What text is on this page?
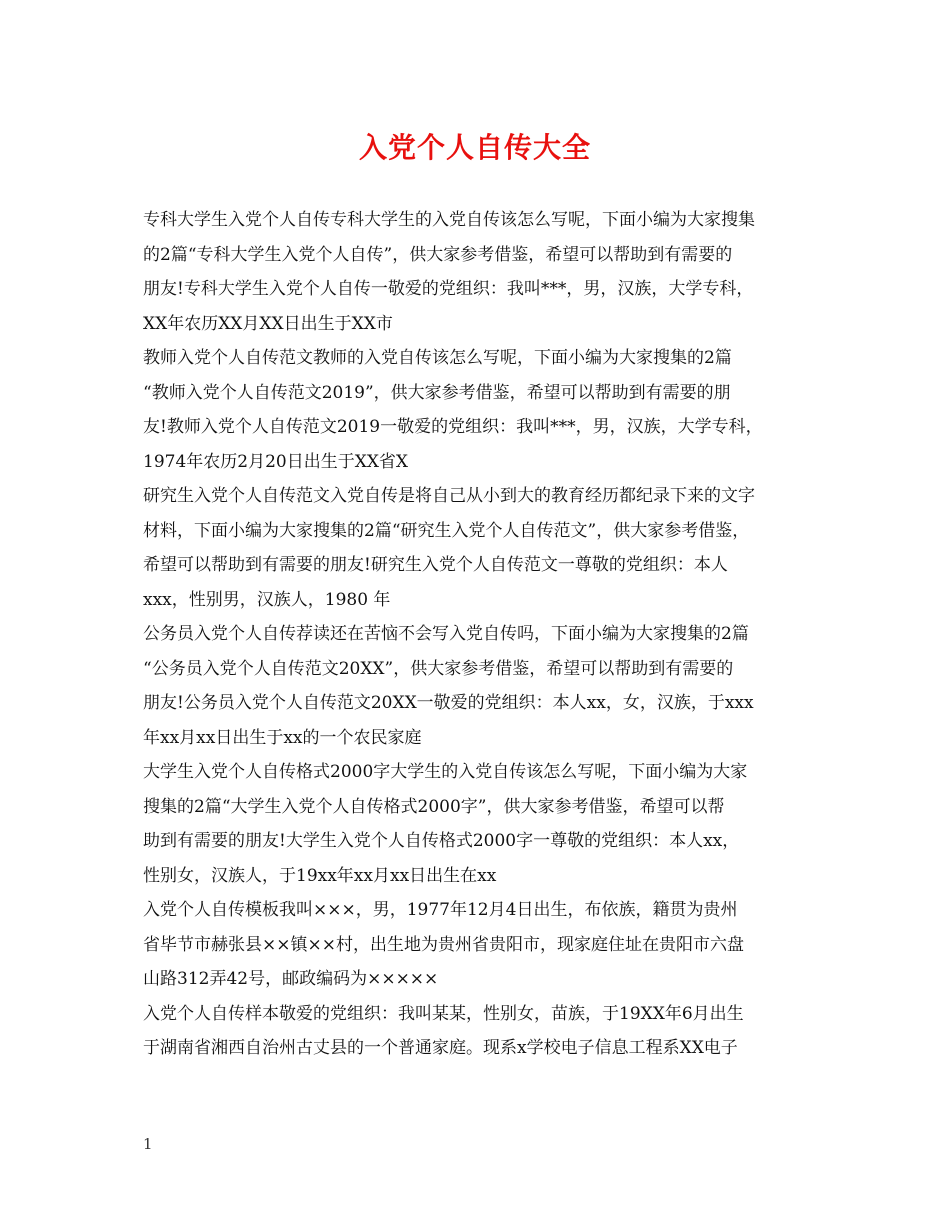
入党个人自传大全
专科大学生入党个人自传专科大学生的入党自传该怎么写呢，下面小编为大家搜集
的2篇“专科大学生入党个人自传”，供大家参考借鉴，希望可以帮助到有需要的
朋友!专科大学生入党个人自传一敬爱的党组织：我叫***，男，汉族，大学专科，
XX年农历XX月XX日出生于XX市
教师入党个人自传范文教师的入党自传该怎么写呢，下面小编为大家搜集的2篇
“教师入党个人自传范文2019”，供大家参考借鉴，希望可以帮助到有需要的朋
友!教师入党个人自传范文2019一敬爱的党组织：我叫***，男，汉族，大学专科，
1974年农历2月20日出生于XX省X
研究生入党个人自传范文入党自传是将自己从小到大的教育经历都纪录下来的文字
材料，下面小编为大家搜集的2篇“研究生入党个人自传范文”，供大家参考借鉴，
希望可以帮助到有需要的朋友!研究生入党个人自传范文一尊敬的党组织：本人
xxx，性别男，汉族人，1980 年
公务员入党个人自传荐读还在苦恼不会写入党自传吗，下面小编为大家搜集的2篇
“公务员入党个人自传范文20XX”，供大家参考借鉴，希望可以帮助到有需要的
朋友!公务员入党个人自传范文20XX一敬爱的党组织：本人xx，女，汉族，于xxx
年xx月xx日出生于xx的一个农民家庭
大学生入党个人自传格式2000字大学生的入党自传该怎么写呢，下面小编为大家
搜集的2篇“大学生入党个人自传格式2000字”，供大家参考借鉴，希望可以帮
助到有需要的朋友!大学生入党个人自传格式2000字一尊敬的党组织：本人xx，
性别女，汉族人，于19xx年xx月xx日出生在xx
入党个人自传模板我叫×××，男，1977年12月4日出生，布依族，籍贯为贵州
省毕节市赫张县××镇××村，出生地为贵州省贵阳市，现家庭住址在贵阳市六盘
山路312弄42号，邮政编码为×××××
入党个人自传样本敬爱的党组织：我叫某某，性别女，苗族，于19XX年6月出生
于湖南省湘西自治州古丈县的一个普通家庭。现系x学校电子信息工程系XX电子
1
